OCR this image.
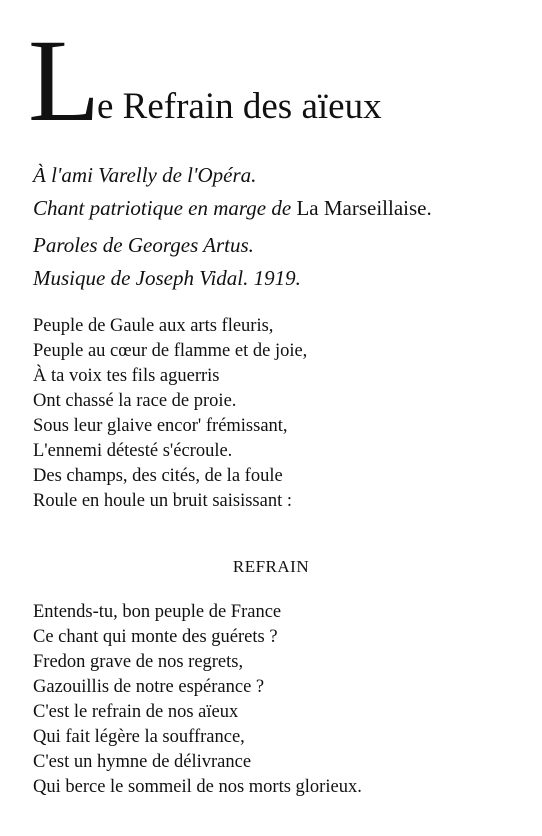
L
e Refrain des aïeux
À l'ami Varelly de l'Opéra.
Chant patriotique en marge de La Marseillaise.
Paroles de Georges Artus.
Musique de Joseph Vidal. 1919.
Peuple de Gaule aux arts fleuris,
Peuple au cœur de flamme et de joie,
À ta voix tes fils aguerris
Ont chassé la race de proie.
Sous leur glaive encor' frémissant,
L'ennemi détesté s'écroule.
Des champs, des cités, de la foule
Roule en houle un bruit saisissant :
REFRAIN
Entends-tu, bon peuple de France
Ce chant qui monte des guérets ?
Fredon grave de nos regrets,
Gazouillis de notre espérance ?
C'est le refrain de nos aïeux
Qui fait légère la souffrance,
C'est un hymne de délivrance
Qui berce le sommeil de nos morts glorieux.
